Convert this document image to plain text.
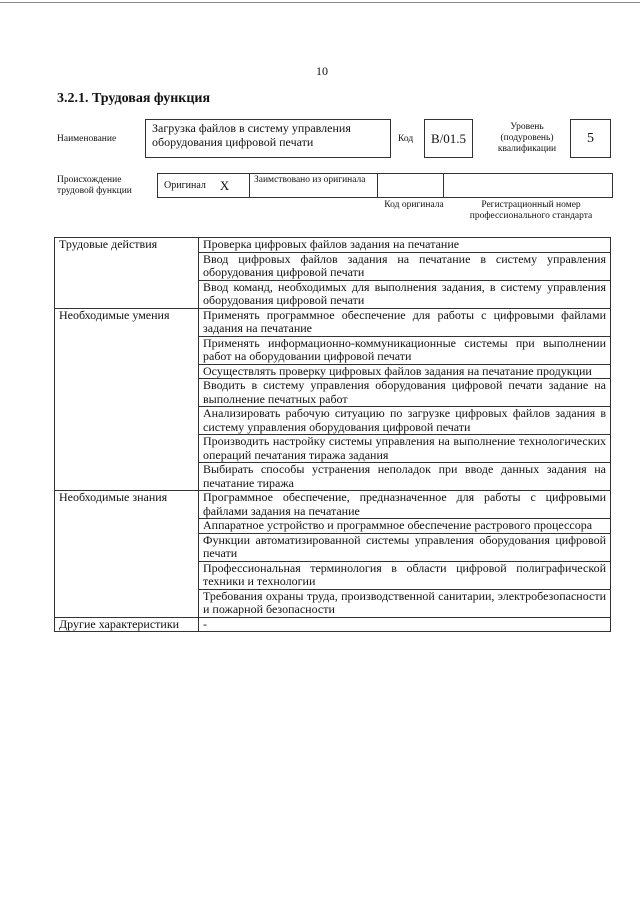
10
3.2.1. Трудовая функция
Наименование
Загрузка файлов в систему управления оборудования цифровой печати	Код	B/01.5
Уровень (подуровень) квалификации
5
Происхождение трудовой функции	Оригинал X	Заимствовано из оригинала
Код оригинала	Регистрационный номер профессионального стандарта
Трудовые действия	Проверка цифровых файлов задания на печатание
	Ввод цифровых файлов задания на печатание в систему управления оборудования цифровой печати
	Ввод команд, необходимых для выполнения задания, в систему управления оборудования цифровой печати
Необходимые умения	Применять программное обеспечение для работы с цифровыми файлами задания на печатание
	Применять информационно-коммуникационные системы при выполнении работ на оборудовании цифровой печати
	Осуществлять проверку цифровых файлов задания на печатание продукции
	Вводить в систему управления оборудования цифровой печати задание на выполнение печатных работ
	Анализировать рабочую ситуацию по загрузке цифровых файлов задания в систему управления оборудования цифровой печати
	Производить настройку системы управления на выполнение технологических операций печатания тиража задания
	Выбирать способы устранения неполадок при вводе данных задания на печатание тиража
Необходимые знания	Программное обеспечение, предназначенное для работы с цифровыми файлами задания на печатание
	Аппаратное устройство и программное обеспечение растрового процессора
	Функции автоматизированной системы управления оборудования цифровой печати
	Профессиональная терминология в области цифровой полиграфической техники и технологии
	Требования охраны труда, производственной санитарии, электробезопасности и пожарной безопасности
Другие характеристики	-
